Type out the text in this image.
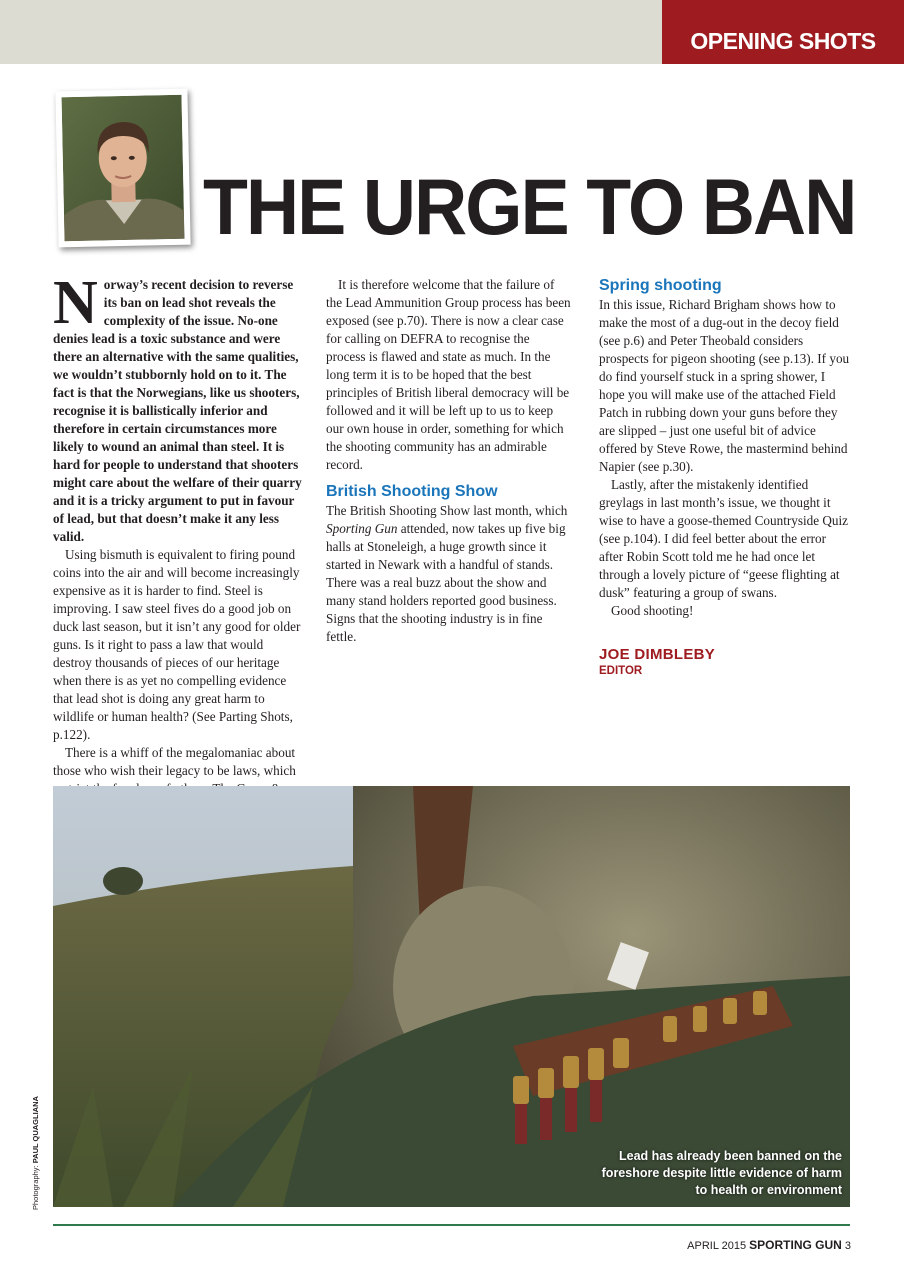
OPENING SHOTS
THE URGE TO BAN

Norway’s recent decision to reverse its ban on lead shot reveals the complexity of the issue. No-one denies lead is a toxic substance and were there an alternative with the same qualities, we wouldn’t stubbornly hold on to it. The fact is that the Norwegians, like us shooters, recognise it is ballistically inferior and therefore in certain circumstances more likely to wound an animal than steel. It is hard for people to understand that shooters might care about the welfare of their quarry and it is a tricky argument to put in favour of lead, but that doesn’t make it any less valid.

Using bismuth is equivalent to firing pound coins into the air and will become increasingly expensive as it is harder to find. Steel is improving. I saw steel fives do a good job on duck last season, but it isn’t any good for older guns. Is it right to pass a law that would destroy thousands of pieces of our heritage when there is as yet no compelling evidence that lead shot is doing any great harm to wildlife or human health? (See Parting Shots, p.122).

There is a whiff of the megalomaniac about those who wish their legacy to be laws, which

It is therefore welcome that the failure of the Lead Ammunition Group process has been exposed (see p.70). There is now a clear case for calling on DEFRA to recognise the process is flawed and state as much. In the long term it is to be hoped that the best principles of British liberal democracy will be followed and it will be left up to us to keep our own house in order, something for which the shooting community has an admirable record.

British Shooting Show

The British Shooting Show last month, which Sporting Gun attended, now takes up five big halls at Stoneleigh, a huge growth since it started in Newark with a handful of stands. There was a real buzz about the show and many stand holders reported good business. Signs that the shooting industry is in fine fettle.

Spring shooting

In this issue, Richard Brigham shows how to make the most of a dug-out in the decoy field (see p.6) and Peter Theobald considers prospects for pigeon shooting (see p.13). If you do find yourself stuck in a spring shower, I hope you will make use of the attached Field Patch in rubbing down your guns before they are slipped – just one useful bit of advice offered by Steve Rowe, the mastermind behind Napier (see p.30).

Lastly, after the mistakenly identified greylags in last month’s issue, we thought it wise to have a goose-themed Countryside Quiz (see p.104). I did feel better about the error after Robin Scott told me he had once let through a lovely picture of “geese flighting at dusk” featuring a group of swans.

Good shooting!

JOE DIMBLEBY
EDITOR
Lead has already been banned on the foreshore despite little evidence of harm to health or environment
Photography: PAUL QUAGLIANA
APRIL 2015 SPORTING GUN 3
